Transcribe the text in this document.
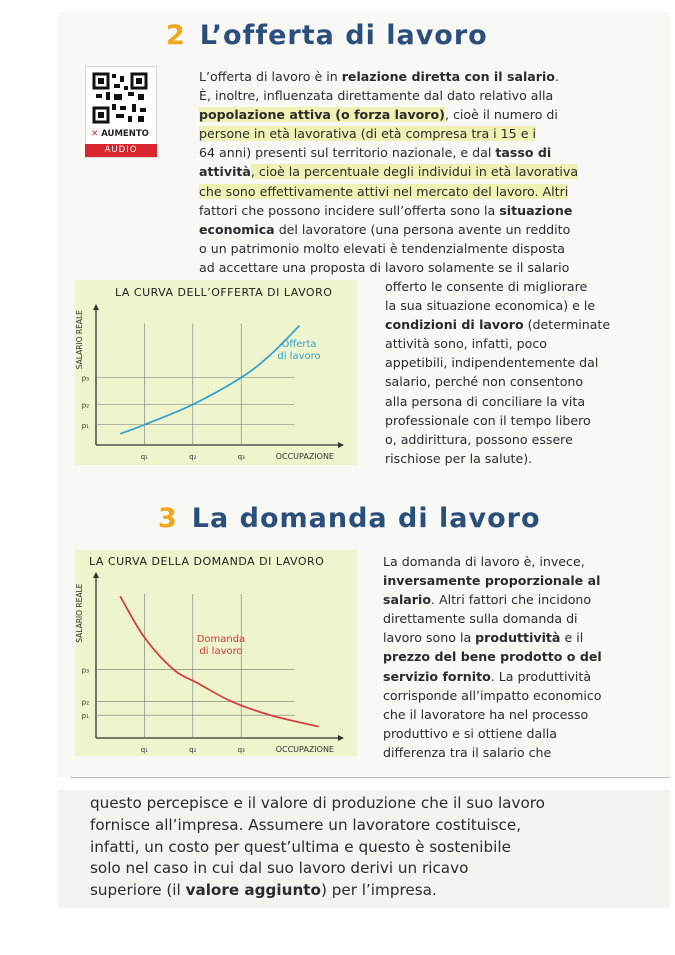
2 L’offerta di lavoro
✕ AUMENTO
AUDIO
L’offerta di lavoro è in relazione diretta con il salario.
È, inoltre, influenzata direttamente dal dato relativo alla
popolazione attiva (o forza lavoro), cioè il numero di
persone in età lavorativa (di età compresa tra i 15 e i
64 anni) presenti sul territorio nazionale, e dal tasso di
attività, cioè la percentuale degli individui in età lavorativa
che sono effettivamente attivi nel mercato del lavoro. Altri
fattori che possono incidere sull’offerta sono la situazione
economica del lavoratore (una persona avente un reddito
o un patrimonio molto elevati è tendenzialmente disposta
ad accettare una proposta di lavoro solamente se il salario
LA CURVA DELL’OFFERTA DI LAVORO
SALARIO REALE
OCCUPAZIONE
p₁
p₂
p₃
q₁	q₂	q₃
Offerta
di lavoro
offerto le consente di migliorare
la sua situazione economica) e le
condizioni di lavoro (determinate
attività sono, infatti, poco
appetibili, indipendentemente dal
salario, perché non consentono
alla persona di conciliare la vita
professionale con il tempo libero
o, addirittura, possono essere
rischiose per la salute).
3 La domanda di lavoro
LA CURVA DELLA DOMANDA DI LAVORO
SALARIO REALE
OCCUPAZIONE
p₁
p₂
p₃
q₁	q₂	q₃
Domanda
di lavoro
La domanda di lavoro è, invece,
inversamente proporzionale al
salario. Altri fattori che incidono
direttamente sulla domanda di
lavoro sono la produttività e il
prezzo del bene prodotto o del
servizio fornito. La produttività
corrisponde all’impatto economico
che il lavoratore ha nel processo
produttivo e si ottiene dalla
differenza tra il salario che
questo percepisce e il valore di produzione che il suo lavoro
fornisce all’impresa. Assumere un lavoratore costituisce,
infatti, un costo per quest’ultima e questo è sostenibile
solo nel caso in cui dal suo lavoro derivi un ricavo
superiore (il valore aggiunto) per l’impresa.
